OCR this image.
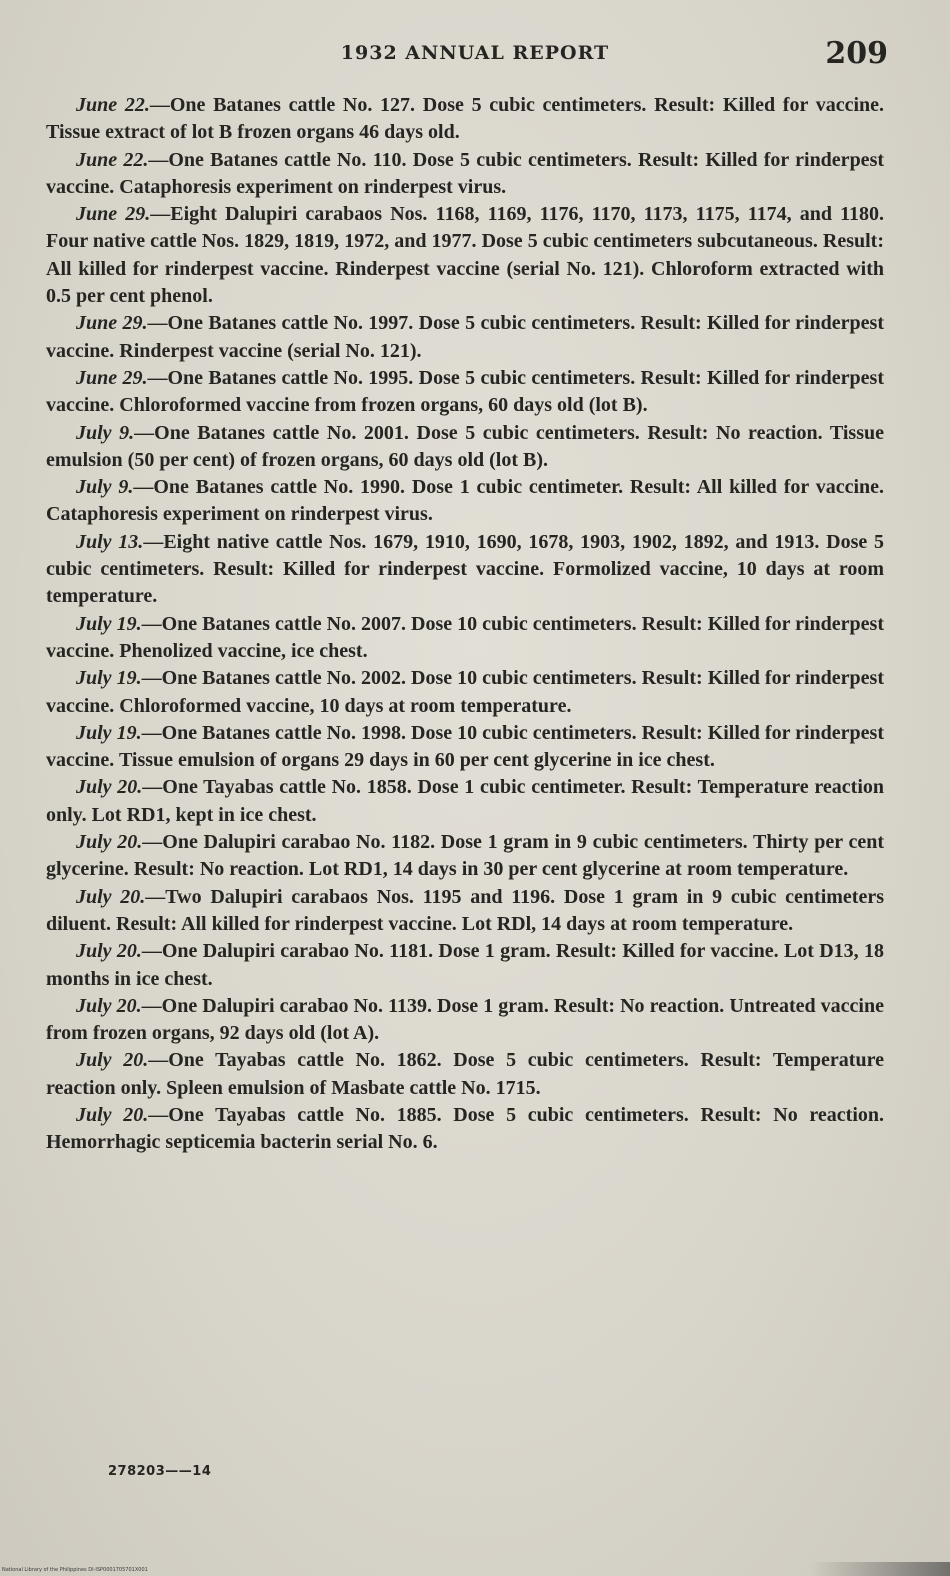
1932 ANNUAL REPORT	209

June 22.—One Batanes cattle No. 127. Dose 5 cubic centimeters. Result: Killed for vaccine. Tissue extract of lot B frozen organs 46 days old.

June 22.—One Batanes cattle No. 110. Dose 5 cubic centimeters. Result: Killed for rinderpest vaccine. Cataphoresis experiment on rinderpest virus.

June 29.—Eight Dalupiri carabaos Nos. 1168, 1169, 1176, 1170, 1173, 1175, 1174, and 1180. Four native cattle Nos. 1829, 1819, 1972, and 1977. Dose 5 cubic centimeters subcutaneous. Result: All killed for rinderpest vaccine. Rinderpest vaccine (serial No. 121). Chloroform extracted with 0.5 per cent phenol.

June 29.—One Batanes cattle No. 1997. Dose 5 cubic centimeters. Result: Killed for rinderpest vaccine. Rinderpest vaccine (serial No. 121).

June 29.—One Batanes cattle No. 1995. Dose 5 cubic centimeters. Result: Killed for rinderpest vaccine. Chloroformed vaccine from frozen organs, 60 days old (lot B).

July 9.—One Batanes cattle No. 2001. Dose 5 cubic centimeters. Result: No reaction. Tissue emulsion (50 per cent) of frozen organs, 60 days old (lot B).

July 9.—One Batanes cattle No. 1990. Dose 1 cubic centimeter. Result: All killed for vaccine. Cataphoresis experiment on rinderpest virus.

July 13.—Eight native cattle Nos. 1679, 1910, 1690, 1678, 1903, 1902, 1892, and 1913. Dose 5 cubic centimeters. Result: Killed for rinderpest vaccine. Formolized vaccine, 10 days at room temperature.

July 19.—One Batanes cattle No. 2007. Dose 10 cubic centimeters. Result: Killed for rinderpest vaccine. Phenolized vaccine, ice chest.

July 19.—One Batanes cattle No. 2002. Dose 10 cubic centimeters. Result: Killed for rinderpest vaccine. Chloroformed vaccine, 10 days at room temperature.

July 19.—One Batanes cattle No. 1998. Dose 10 cubic centimeters. Result: Killed for rinderpest vaccine. Tissue emulsion of organs 29 days in 60 per cent glycerine in ice chest.

July 20.—One Tayabas cattle No. 1858. Dose 1 cubic centimeter. Result: Temperature reaction only. Lot RD1, kept in ice chest.

July 20.—One Dalupiri carabao No. 1182. Dose 1 gram in 9 cubic centimeters. Thirty per cent glycerine. Result: No reaction. Lot RD1, 14 days in 30 per cent glycerine at room temperature.

July 20.—Two Dalupiri carabaos Nos. 1195 and 1196. Dose 1 gram in 9 cubic centimeters diluent. Result: All killed for rinderpest vaccine. Lot RDl, 14 days at room temperature.

July 20.—One Dalupiri carabao No. 1181. Dose 1 gram. Result: Killed for vaccine. Lot D13, 18 months in ice chest.

July 20.—One Dalupiri carabao No. 1139. Dose 1 gram. Result: No reaction. Untreated vaccine from frozen organs, 92 days old (lot A).

July 20.—One Tayabas cattle No. 1862. Dose 5 cubic centimeters. Result: Temperature reaction only. Spleen emulsion of Masbate cattle No. 1715.

July 20.—One Tayabas cattle No. 1885. Dose 5 cubic centimeters. Result: No reaction. Hemorrhagic septicemia bacterin serial No. 6.

278203——14
National Library of the Philippines DI-ISP0001705701X001
